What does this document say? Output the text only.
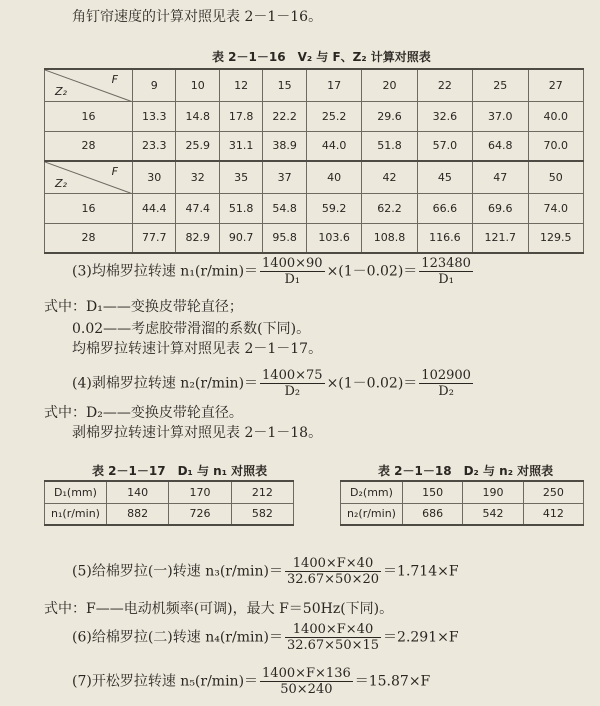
角钉帘速度的计算对照见表 2－1－16。
表 2－1－16　V₂ 与 F、Z₂ 计算对照表
F
Z₂	9	10	12	15	17	20	22	25	27
16	13.3	14.8	17.8	22.2	25.2	29.6	32.6	37.0	40.0
28	23.3	25.9	31.1	38.9	44.0	51.8	57.0	64.8	70.0

F
Z₂	30	32	35	37	40	42	45	47	50
16	44.4	47.4	51.8	54.8	59.2	62.2	66.6	69.6	74.0
28	77.7	82.9	90.7	95.8	103.6	108.8	116.6	121.7	129.5
(3)均棉罗拉转速 $n_1(r/\min)= \frac{1400\times 90}{\text{D₁}} \times(1-0.02)= \frac{123480}{\text{D₁}}$
式中：D₁——变换皮带轮直径；
0.02——考虑胶带滑溜的系数(下同)。
均棉罗拉转速计算对照见表 2－1－17。
(4)剥棉罗拉转速 $n_2(r/\min)= \frac{1400\times 75}{\text{D₂}} \times(1-0.02)= \frac{102900}{\text{D₂}}$
式中：D₂——变换皮带轮直径。
剥棉罗拉转速计算对照见表 2－1－18。
表 2－1－17　D₁ 与 n₁ 对照表	表 2－1－18　D₂ 与 n₂ 对照表
D₁(mm)	140	170	212
n₁(r/min)	882	726	582
D₂(mm)	150	190	250
n₂(r/min)	686	542	412
(5)给棉罗拉(一)转速 $n_3(r/\min)= \frac{1400\times F\times 40}{32.67\times 50\times 20} =1.714\times F$
式中：F——电动机频率(可调)，最大 F＝50Hz(下同)。
(6)给棉罗拉(二)转速 $n_4(r/\min)= \frac{1400\times F\times 40}{32.67\times 50\times 15} =2.291\times F$
(7)开松罗拉转速 $n_5(r/\min)= \frac{1400\times F\times 136}{50\times 240} =15.87\times F$
